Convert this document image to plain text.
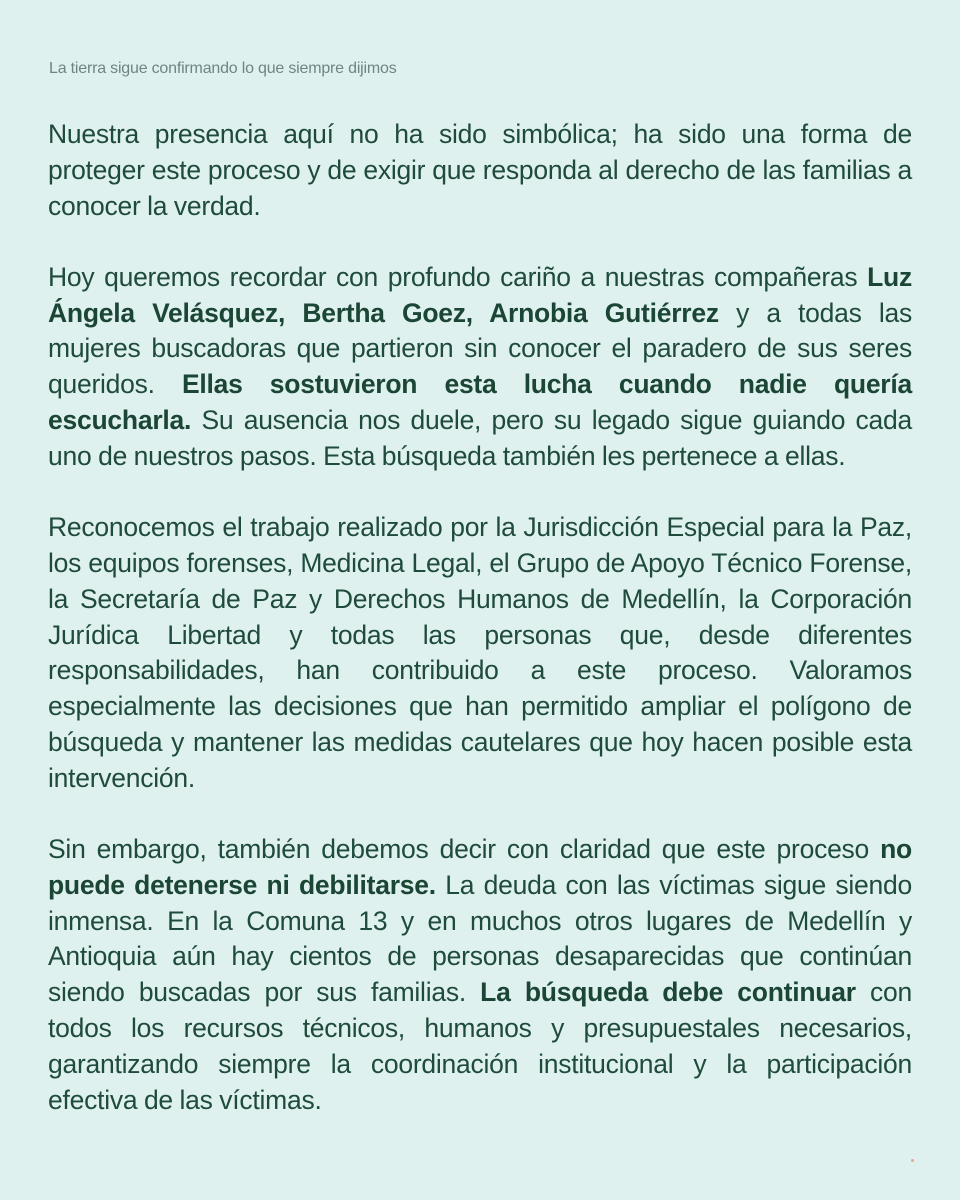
La tierra sigue confirmando lo que siempre dijimos

Nuestra presencia aquí no ha sido simbólica; ha sido una forma de proteger este proceso y de exigir que responda al derecho de las familias a conocer la verdad.

Hoy queremos recordar con profundo cariño a nuestras compañeras Luz Ángela Velásquez, Bertha Goez, Arnobia Gutiérrez y a todas las mujeres buscadoras que partieron sin conocer el paradero de sus seres queridos. Ellas sostuvieron esta lucha cuando nadie quería escucharla. Su ausencia nos duele, pero su legado sigue guiando cada uno de nuestros pasos. Esta búsqueda también les pertenece a ellas.

Reconocemos el trabajo realizado por la Jurisdicción Especial para la Paz, los equipos forenses, Medicina Legal, el Grupo de Apoyo Técnico Forense, la Secretaría de Paz y Derechos Humanos de Medellín, la Corporación Jurídica Libertad y todas las personas que, desde diferentes responsabilidades, han contribuido a este proceso. Valoramos especialmente las decisiones que han permitido ampliar el polígono de búsqueda y mantener las medidas cautelares que hoy hacen posible esta intervención.

Sin embargo, también debemos decir con claridad que este proceso no puede detenerse ni debilitarse. La deuda con las víctimas sigue siendo inmensa. En la Comuna 13 y en muchos otros lugares de Medellín y Antioquia aún hay cientos de personas desaparecidas que continúan siendo buscadas por sus familias. La búsqueda debe continuar con todos los recursos técnicos, humanos y presupuestales necesarios, garantizando siempre la coordinación institucional y la participación efectiva de las víctimas.
